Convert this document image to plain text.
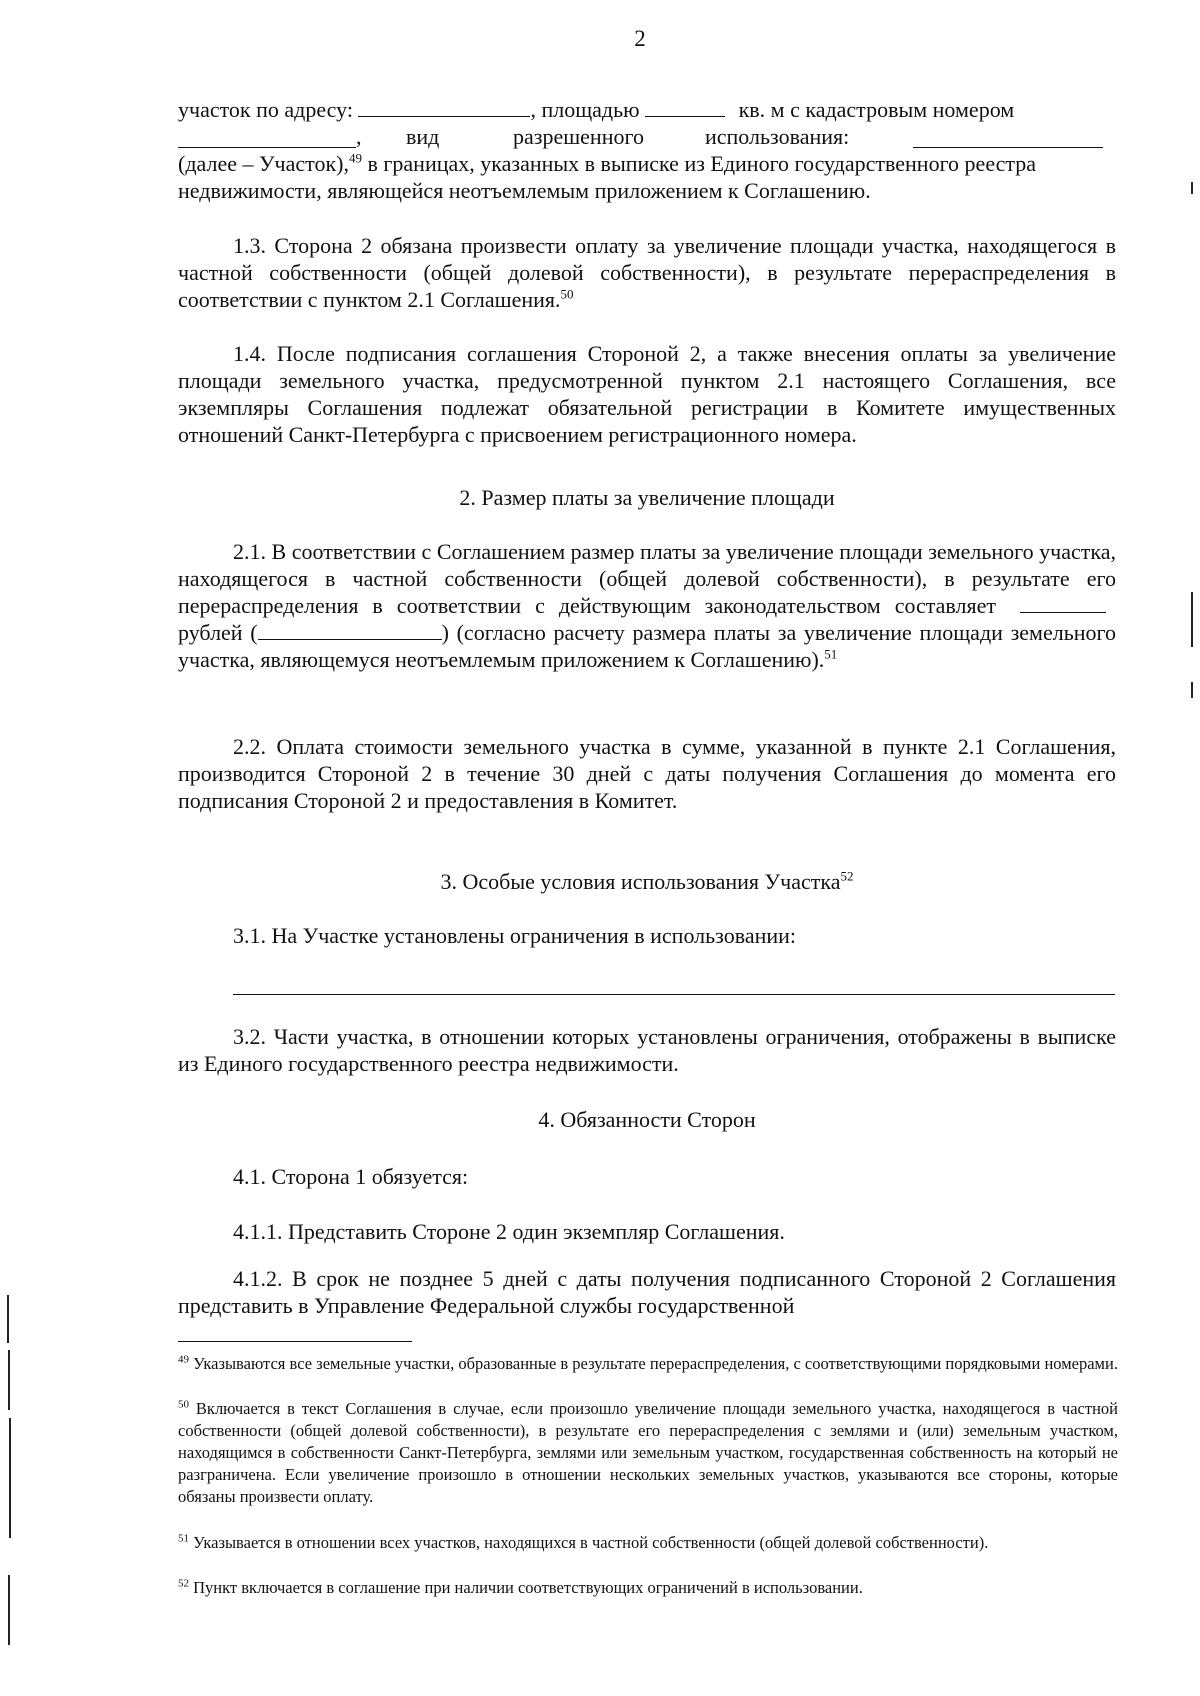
2
участок по адресу:	, площадью	кв. м с кадастровым номером
, вид	разрешенного	использования:
(далее – Участок),$^{49}$ в границах, указанных в выписке из Единого государственного реестра
недвижимости, являющейся неотъемлемым приложением к Соглашению.
1.3. Сторона 2 обязана произвести оплату за увеличение площади участка, находящегося в частной собственности (общей долевой собственности), в результате перераспределения в соответствии с пунктом 2.1 Соглашения.$^{50}$
1.4. После подписания соглашения Стороной 2, а также внесения оплаты за увеличение площади земельного участка, предусмотренной пунктом 2.1 настоящего Соглашения, все экземпляры Соглашения подлежат обязательной регистрации в Комитете имущественных отношений Санкт-Петербурга с присвоением регистрационного номера.
2. Размер платы за увеличение площади
2.1. В соответствии с Соглашением размер платы за увеличение площади земельного участка, находящегося в частной собственности (общей долевой собственности), в результате его перераспределения в соответствии с действующим законодательством составляет  рублей (	) (согласно расчету размера платы за увеличение площади земельного участка, являющемуся неотъемлемым приложением к Соглашению).$^{51}$
2.2. Оплата стоимости земельного участка в сумме, указанной в пункте 2.1 Соглашения, производится Стороной 2 в течение 30 дней с даты получения Соглашения до момента его подписания Стороной 2 и предоставления в Комитет.
3. Особые условия использования Участка$^{52}$
3.1. На Участке установлены ограничения в использовании:
3.2. Части участка, в отношении которых установлены ограничения, отображены в выписке из Единого государственного реестра недвижимости.
4. Обязанности Сторон
4.1. Сторона 1 обязуется:
4.1.1. Представить Стороне 2 один экземпляр Соглашения.
4.1.2. В срок не позднее 5 дней с даты получения подписанного Стороной 2 Соглашения представить в Управление Федеральной службы государственной
$^{49}$ Указываются все земельные участки, образованные в результате перераспределения, с соответствующими порядковыми номерами.
$^{50}$ Включается в текст Соглашения в случае, если произошло увеличение площади земельного участка, находящегося в частной собственности (общей долевой собственности), в результате его перераспределения с землями и (или) земельным участком, находящимся в собственности Санкт-Петербурга, землями или земельным участком, государственная собственность на который не разграничена. Если увеличение произошло в отношении нескольких земельных участков, указываются все стороны, которые обязаны произвести оплату.
$^{51}$ Указывается в отношении всех участков, находящихся в частной собственности (общей долевой собственности).
$^{52}$ Пункт включается в соглашение при наличии соответствующих ограничений в использовании.
